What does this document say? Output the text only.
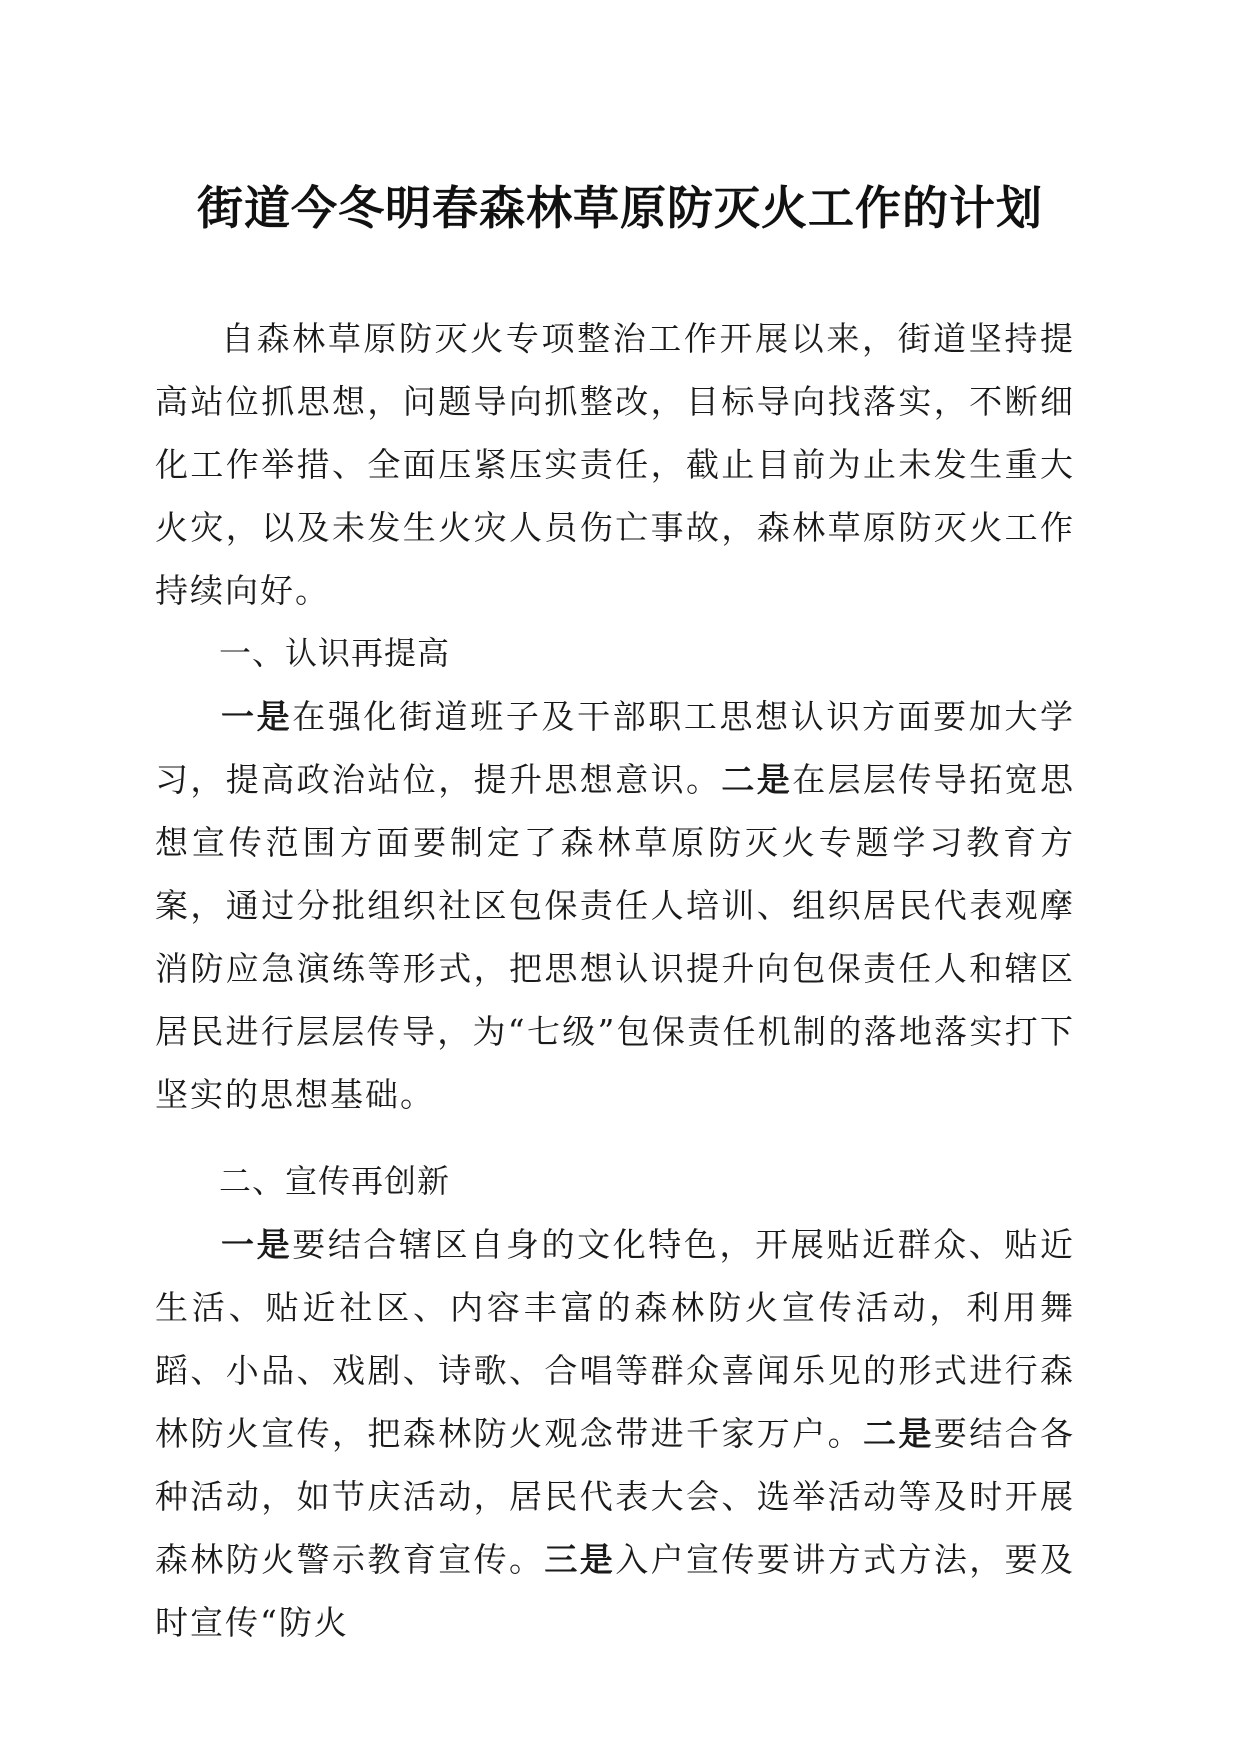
街道今冬明春森林草原防灭火工作的计划

自森林草原防灭火专项整治工作开展以来，街道坚持提高站位抓思想，问题导向抓整改，目标导向找落实，不断细化工作举措、全面压紧压实责任，截止目前为止未发生重大火灾，以及未发生火灾人员伤亡事故，森林草原防灭火工作持续向好。

一、认识再提高

一是在强化街道班子及干部职工思想认识方面要加大学习，提高政治站位，提升思想意识。二是在层层传导拓宽思想宣传范围方面要制定了森林草原防灭火专题学习教育方案，通过分批组织社区包保责任人培训、组织居民代表观摩消防应急演练等形式，把思想认识提升向包保责任人和辖区居民进行层层传导，为“七级”包保责任机制的落地落实打下坚实的思想基础。

二、宣传再创新

一是要结合辖区自身的文化特色，开展贴近群众、贴近生活、贴近社区、内容丰富的森林防火宣传活动，利用舞蹈、小品、戏剧、诗歌、合唱等群众喜闻乐见的形式进行森林防火宣传，把森林防火观念带进千家万户。二是要结合各种活动，如节庆活动，居民代表大会、选举活动等及时开展森林防火警示教育宣传。三是入户宣传要讲方式方法，要及时宣传“防火
